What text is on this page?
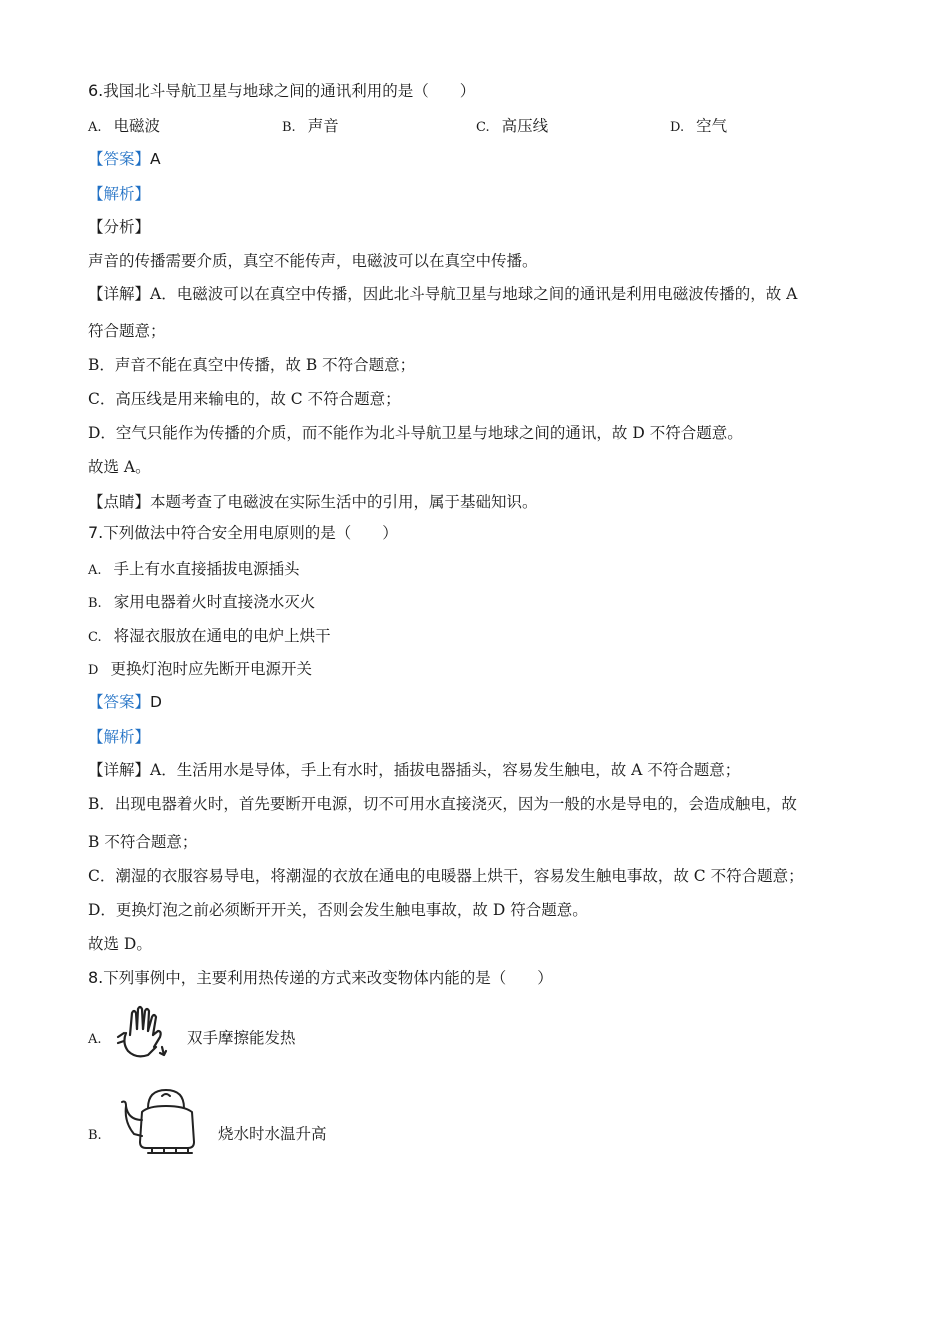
6.我国北斗导航卫星与地球之间的通讯利用的是（　　）
A. 电磁波	B. 声音	C. 高压线	D. 空气
【答案】A
【解析】
【分析】
声音的传播需要介质，真空不能传声，电磁波可以在真空中传播。
【详解】A．电磁波可以在真空中传播，因此北斗导航卫星与地球之间的通讯是利用电磁波传播的，故 A
符合题意；
B．声音不能在真空中传播，故 B 不符合题意；
C．高压线是用来输电的，故 C 不符合题意；
D．空气只能作为传播的介质，而不能作为北斗导航卫星与地球之间的通讯，故 D 不符合题意。
故选 A。
【点睛】本题考查了电磁波在实际生活中的引用，属于基础知识。
7.下列做法中符合安全用电原则的是（　　）
A. 手上有水直接插拔电源插头
B. 家用电器着火时直接浇水灭火
C. 将湿衣服放在通电的电炉上烘干
D 更换灯泡时应先断开电源开关
【答案】D
【解析】
【详解】A．生活用水是导体，手上有水时，插拔电器插头，容易发生触电，故 A 不符合题意；
B．出现电器着火时，首先要断开电源，切不可用水直接浇灭，因为一般的水是导电的，会造成触电，故
B 不符合题意；
C．潮湿的衣服容易导电，将潮湿的衣放在通电的电暖器上烘干，容易发生触电事故，故 C 不符合题意；
D．更换灯泡之前必须断开开关，否则会发生触电事故，故 D 符合题意。
故选 D。
8.下列事例中，主要利用热传递的方式来改变物体内能的是（　　）
A.	双手摩擦能发热
B.	烧水时水温升高
